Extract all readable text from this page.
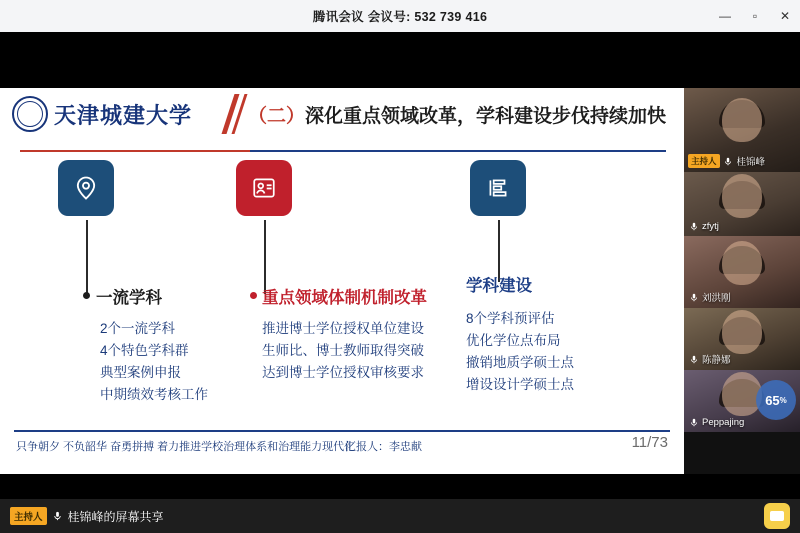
腾讯会议 会议号: 532 739 416	—	▫	✕
天津城建大学	（二）深化重点领域改革，学科建设步伐持续加快
一流学科
2个一流学科
4个特色学科群
典型案例申报
中期绩效考核工作
重点领域体制机制改革
推进博士学位授权单位建设
生师比、博士教师取得突破
达到博士学位授权审核要求
学科建设
8个学科预评估
优化学位点布局
撤销地质学硕士点
增设设计学硕士点
只争朝夕 不负韶华 奋勇拼搏 着力推进学校治理体系和治理能力现代化
汇报人：李忠献	11/73
›
主持人	桂锦峰
zfytj
刘洪刚
陈静娜
Peppajing
65 %
主持人	桂锦峰的屏幕共享
